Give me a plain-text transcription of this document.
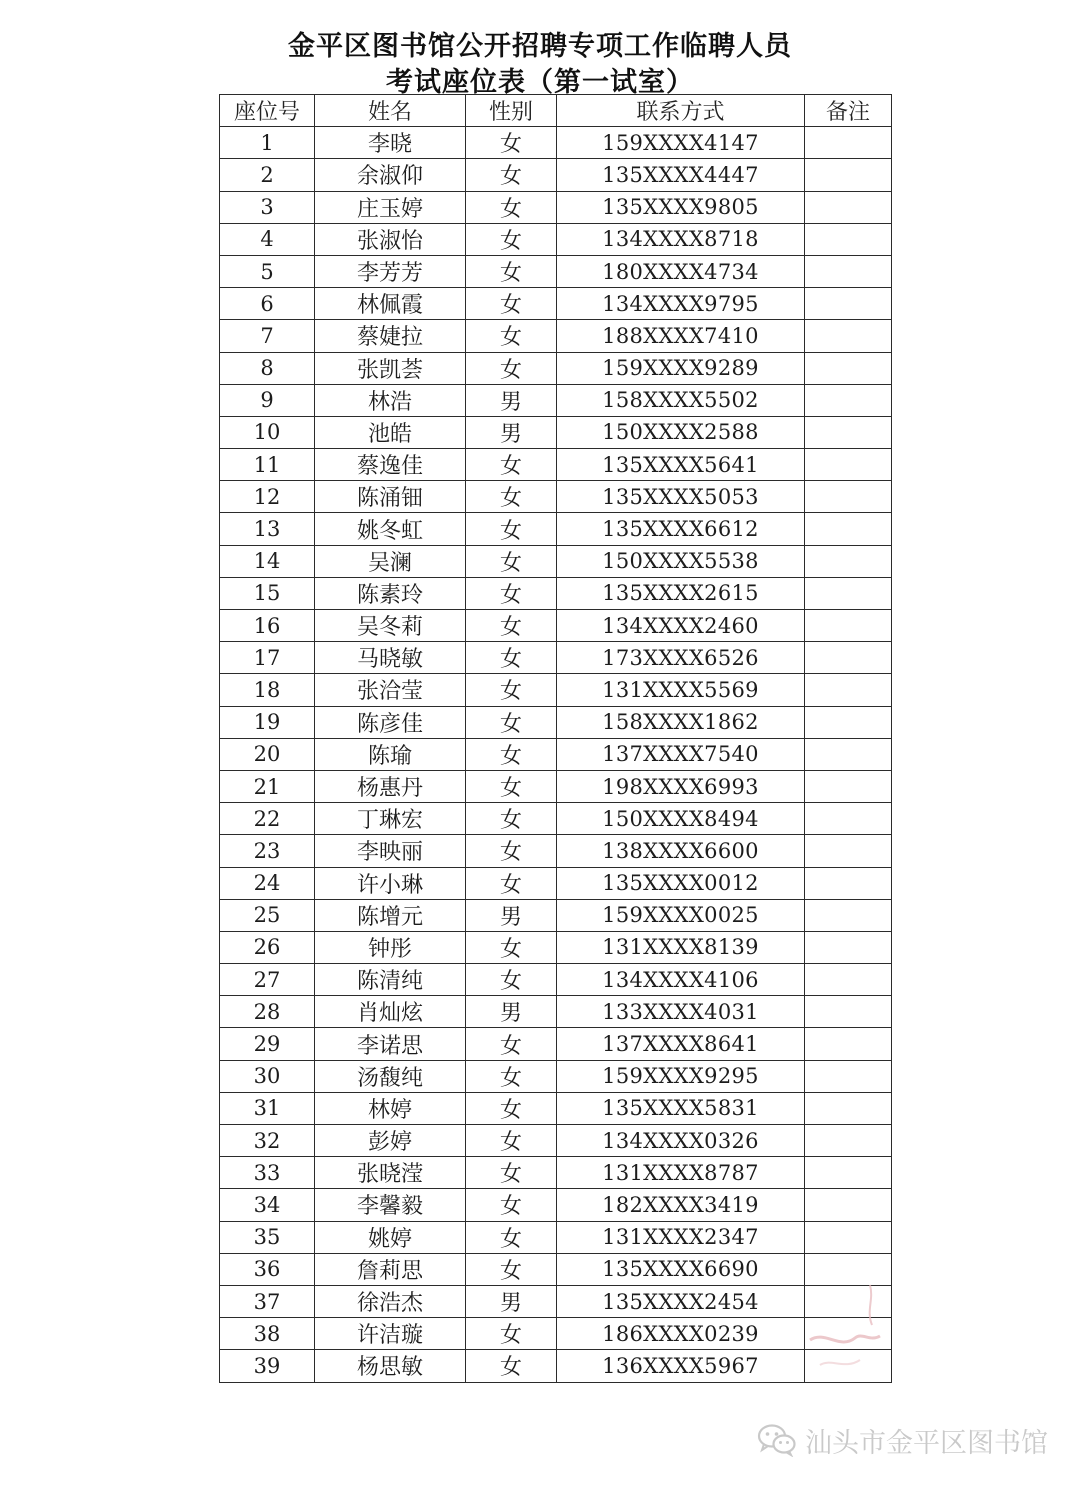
金平区图书馆公开招聘专项工作临聘人员
考试座位表（第一试室）
座位号	姓名	性别	联系方式	备注
1	李晓	女	159XXXX4147	
2	余淑仰	女	135XXXX4447	
3	庄玉婷	女	135XXXX9805	
4	张淑怡	女	134XXXX8718	
5	李芳芳	女	180XXXX4734	
6	林佩霞	女	134XXXX9795	
7	蔡婕拉	女	188XXXX7410	
8	张凯荟	女	159XXXX9289	
9	林浩	男	158XXXX5502	
10	池皓	男	150XXXX2588	
11	蔡逸佳	女	135XXXX5641	
12	陈涌钿	女	135XXXX5053	
13	姚冬虹	女	135XXXX6612	
14	吴澜	女	150XXXX5538	
15	陈素玲	女	135XXXX2615	
16	吴冬莉	女	134XXXX2460	
17	马晓敏	女	173XXXX6526	
18	张洽莹	女	131XXXX5569	
19	陈彦佳	女	158XXXX1862	
20	陈瑜	女	137XXXX7540	
21	杨惠丹	女	198XXXX6993	
22	丁琳宏	女	150XXXX8494	
23	李映丽	女	138XXXX6600	
24	许小琳	女	135XXXX0012	
25	陈增元	男	159XXXX0025	
26	钟彤	女	131XXXX8139	
27	陈清纯	女	134XXXX4106	
28	肖灿炫	男	133XXXX4031	
29	李诺思	女	137XXXX8641	
30	汤馥纯	女	159XXXX9295	
31	林婷	女	135XXXX5831	
32	彭婷	女	134XXXX0326	
33	张晓滢	女	131XXXX8787	
34	李馨毅	女	182XXXX3419	
35	姚婷	女	131XXXX2347	
36	詹莉思	女	135XXXX6690	
37	徐浩杰	男	135XXXX2454	
38	许洁璇	女	186XXXX0239	
39	杨思敏	女	136XXXX5967	
汕头市金平区图书馆
